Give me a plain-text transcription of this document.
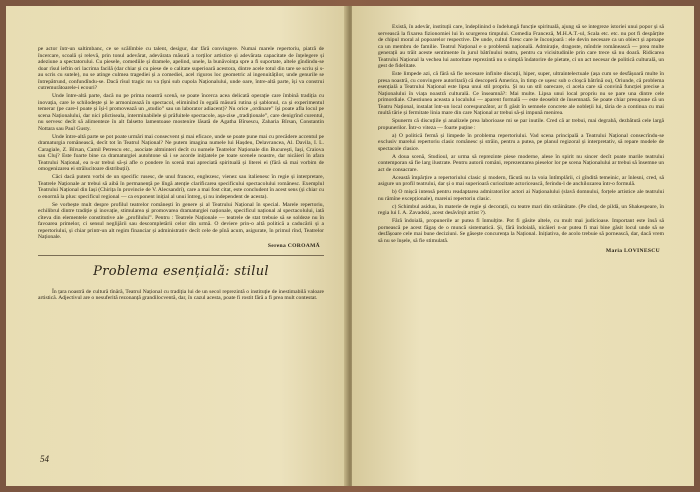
pe actor într-un saltimbanc, ce se scălîmbie cu talent, desigur, dar fără convingere. Numai marele repertoriu, piatră de încercare, scoală și relevă, prin tonul adevărat, adevărata măsură a torților artistice și adevărata capacitate de înțelegere și adeziune a spectatorului. Cu piesele, comediile și dramele, apelind, unele, la bunăvoința spre a fi suportate, altele gîndindu-se doar rîsul ieftin ori lacrima facilă (dar chiar și cu piese de o calitate superioară acestora, dintre acele totul din tare se scriu și s-au scris cu sutele), nu se atinge culmea tragediei și a comediei, acel riguros loc geometric al ingenuităților, unde genurile se întrepătrund, confundîndu-se. Dacă rîsul tragic nu va țîșni sub cupola Naționalului, unde oare, între-altă parte, își va construi cutremurătoarele-i ecouri?

Unde între-altă parte, dacă nu pe prima noastră scenă, se poate încerca acea delicată operație care îmbină tradiția cu inovația, care le schilodește și le armonizează în spectacol, eliminînd în egală măsură rutina și șablonul, ca și experimentul temerar (pe care-l poate și își-l promovează un „studio” sau un laborator adiacent)? Nu orice „ordinare” își poate afla locul pe scena Naționalului, dar nici plictiseala, interminabilele și prăfuitele spectacole, așa-zise „tradiționale”, care denigrînd curentul, nu servesc decît să alimenteze în alt falsetto lamentoase mostenire lăsată de Agatha Bîrsescu, Zaharia Bîrsan, Constantin Nottara sau Paul Gusty.

Unde între-altă parte se pot poate urmări mai consecvent și mai eficace, unde se poate pune mai cu precădere accentul pe dramaturgia românească, decît tot în Teatrul Național? Ne putem imagina numele lui Hașdeu, Delavrancea, Al. Davila, I. L. Caragiale, Z. Bîrsan, Camil Petrescu etc., asociate altminteri decît cu numele Teatrelor Naționale din București, Iași, Craiova sau Cluj? Este foarte bine ca dramaturgiei autohtone să i se acorde inițiatele pe toate scenele noastre, dar nicăieri în afara Teatrului Național, ea n-ar trebui să-și afle o pondere în scenă mai apreciată spirituală și literei ei (fără să mai vorbim de omogenizarea ei strălucitoare distribuții).

Căci dacă putem vorbi de un specific rusesc, de unul francez, englezesc, vienez sau italienesc în regie și interpretare, Teatrele Naționale ar trebui să aibă în permanență pe lîngă atenție clarificarea specificului spectacolului românesc. Exemplul Teatrului Național din Iași (Chirița în provincie de V. Alecsandri), care a mai fost citat, este concludent în acest sens (și chiar cu o enormă la plus: specificul regional — ca exponent inițial al unui întreg, și nu independent de acesta).

Se vorbește mult despre profilul teatrelor românești în genere și al Teatrului Național în special. Marele repertoriu, echilibrul dintre tradiție și inovație, stimularea și promovarea dramaturgiei naționale, specificul național al spectacolului, iată cîteva din elementele constitutive ale „profilului”. Pentru : Teatrele Naționale — teatrele de stat trebuie să se soldeze nu în favoarea primelor, ci sensul neglijării sau descompletării celor din urmă. O deviere prin-o altă politică a caducării și a repertoriului, și chiar printr-un alt regim financiar și administrativ decît cele de pînă acum, asigurate, în primul rînd, Teatrelor Naționale.

Serena COROAMĂ
Problema esențială: stilul

În țara noastră de cultură tînără, Teatrul Național cu tradiția lui de un secol reprezintă o instituție de inestimabilă valoare artistică. Adjectivul are o nesuferită rezonanță grandilocventă, dar, în cazul acesta, poate fi rostit fără a fi prea mult contestat.

54

Există, în adevăr, instituții care, îndeplinind o îndelungă funcție spirituală, ajung să se integreze istoriei unui popor și să servească la fixarea fizionomiei lui în scurgerea timpului. Comedia Franceză, M.H.A.T.-ul, Scala etc. etc. nu pot fi despărțite de chipul moral al popoarelor respective. De unde, cultul firesc care le înconjoară : ele devin necesare ca un obiect și aproape ca un membru de familie. Teatrul Național e o problemă națională. Admirație, dragoste, mîndrie românească — prea multe generații au trăit aceste sentimente în jurul bătrînului teatru, pentru ca vicisitudinile prin care trece să nu doară. Ridicarea Teatrului Național la vechea lui autoritate reprezintă nu o simplă îndatorire de pietate, ci un act necesar de politică culturală, un gest de fidelitate.

Este limpede azi, că fără să fie necesare infinite discuții, hiper, super, ultraintelectuale (așa cum se desfășoară multe în presa noastră, cu convingere autoritară) că descoperă America, în timp ce ușesc sub o cloșcă bătrînă ou), Oriunde, că problema esențială a Teatrului Național este lipsa unui stil propriu. Și nu un stil oarecare, ci acela care să convină funcției precise a Naționalului în viața noastră culturală. Ce înseamnă?: Mai multe. Lipsa unui local propriu nu se pare una dintre cele primordiale. Chestiunea aceasta a localului — aparent formală — este deosebit de însemnată. Se poate chiar presupune că un Teatru Național, instalat într-un local corespunzător, ar fi găsit în semnele concrete ale nobleții lui, tăria de a continua cu mai multă tărie și fermitate linia mare din care Național ar trebui să-și impună menirea.

Spunerm că discuțiile și analizele prea laborioase mi se par inutile. Cred că ar trebui, mai degrabă, dezbătută cele largă propunerilor. Într-o viteza — foarte puține :

a) O politică fermă și limpede în problema repertoriului. Vad scena principală a Teatrului Național consecrîndu-se exclusiv marelui repertoriu clasic românesc și străin, pentru a putea, pe planul regizoral și interpretativ, să repare modele de spectacole clasice.

A doua scenă, Studioul, ar urma să reprezinte piese moderne, alese în spirit nu sincer decît poate marile teatrului contemporan să fie larg ilustrate. Pentru autorii români, reprezentarea pieselor lor pe scena Naționalului ar trebui să însemne un act de consacrare.

Această împărțire a repertoriului clasic și modern, făcută nu la voia întîmplării, ci gîndită temeinic, ar înlesni, cred, să asigure un profil teatrului, dar și o mai superioară curiozitate actoricească, ferindu-l de anchilozarea într-o formulă.

b) O mișcă intensă pentru readaptarea admiratorilor actori ai Naționalului (slavă domnului, forțele artistice ale teatrului nu rămîne excepționale), mareiui repertoriu clasic.

c) Schimbul asiduu, în materie de regie și decorații, cu teatre mari din străinătate. (Pe cînd, de pildă, un Shakespeare, în regia lui I. A. Zavadski, acest desăvîrșit artist ?).

Fără îndoială, propunerile ar putea fi înmulțite. Pot fi găsite altele, cu mult mai judicioase. Important este însă să pornească pe acest făgaș de o muncă sistematică. Și, fără îndoială, nicăieri n-ar putea fi mai bine găsit locul unde să se desfășoare cele mai bune deciziuni. Se găsește concurența la Național. Inițiativa, de acolo trebuie să pornească, dar, dacă vrem să nu se înșele, să fie stimulată.

Maria LOVINESCU
